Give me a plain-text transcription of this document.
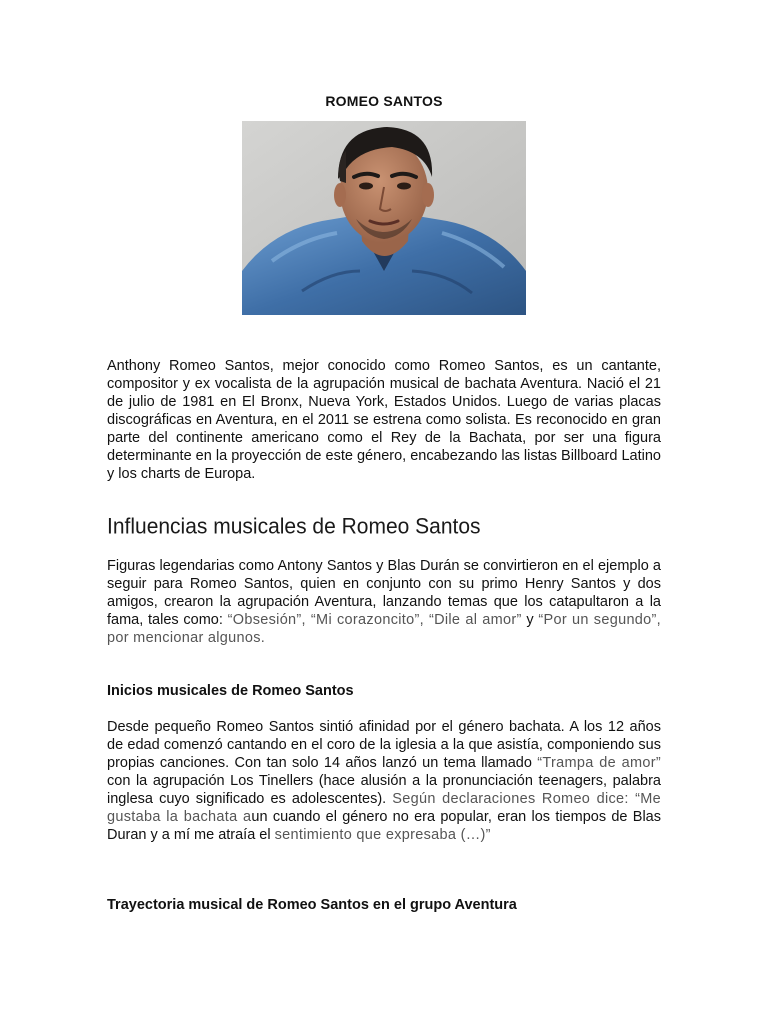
ROMEO SANTOS

Anthony Romeo Santos, mejor conocido como Romeo Santos, es un cantante, compositor y ex vocalista de la agrupación musical de bachata Aventura. Nació el 21 de julio de 1981 en El Bronx, Nueva York, Estados Unidos. Luego de varias placas discográficas en Aventura, en el 2011 se estrena como solista. Es reconocido en gran parte del continente americano como el Rey de la Bachata, por ser una figura determinante en la proyección de este género, encabezando las listas Billboard Latino y los charts de Europa.

Influencias musicales de Romeo Santos

Figuras legendarias como Antony Santos y Blas Durán se convirtieron en el ejemplo a seguir para Romeo Santos, quien en conjunto con su primo Henry Santos y dos amigos, crearon la agrupación Aventura, lanzando temas que los catapultaron a la fama, tales como: “Obsesión”, “Mi corazoncito”, “Dile al amor” y “Por un segundo”, por mencionar algunos.

Inicios musicales de Romeo Santos

Desde pequeño Romeo Santos sintió afinidad por el género bachata. A los 12 años de edad comenzó cantando en el coro de la iglesia a la que asistía, componiendo sus propias canciones. Con tan solo 14 años lanzó un tema llamado “Trampa de amor” con la agrupación Los Tinellers (hace alusión a la pronunciación teenagers, palabra inglesa cuyo significado es adolescentes). Según declaraciones Romeo dice: “Me gustaba la bachata aun cuando el género no era popular, eran los tiempos de Blas Duran y a mí me atraía el sentimiento que expresaba (…)”

Trayectoria musical de Romeo Santos en el grupo Aventura
